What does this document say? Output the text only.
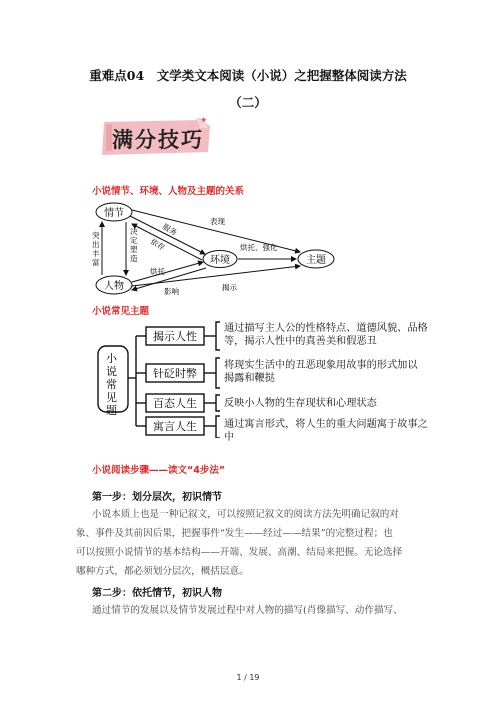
重难点04　文学类文本阅读（小说）之把握整体阅读方法
（二）
满分技巧
✦
小说情节、环境、人物及主题的关系
情节
人物
环境	主题
突出丰富
决定塑造
服务
依存
烘托
影响
表现
烘托、强化
揭示
小说常见主题
小说常见
题
揭示人性
针砭时弊
百态人生
寓言人生
通过描写主人公的性格特点、道德风貌、品格等，揭示人性中的真善美和假恶丑
将现实生活中的丑恶现象用故事的形式加以揭露和鞭挞
反映小人物的生存现状和心理状态
通过寓言形式，将人生的重大问题寓于故事之中
小说阅读步骤——读文“4步法”
第一步：划分层次，初识情节
小说本质上也是一种记叙文，可以按照记叙文的阅读方法先明确记叙的对
象、事件及其前因后果，把握事件“发生——经过——结果”的完整过程；也
可以按照小说情节的基本结构——开端、发展、高潮、结局来把握。无论选择
哪种方式，都必须划分层次，概括层意。
第二步：依托情节，初识人物
通过情节的发展以及情节发展过程中对人物的描写(肖像描写、动作描写、
1 / 19
